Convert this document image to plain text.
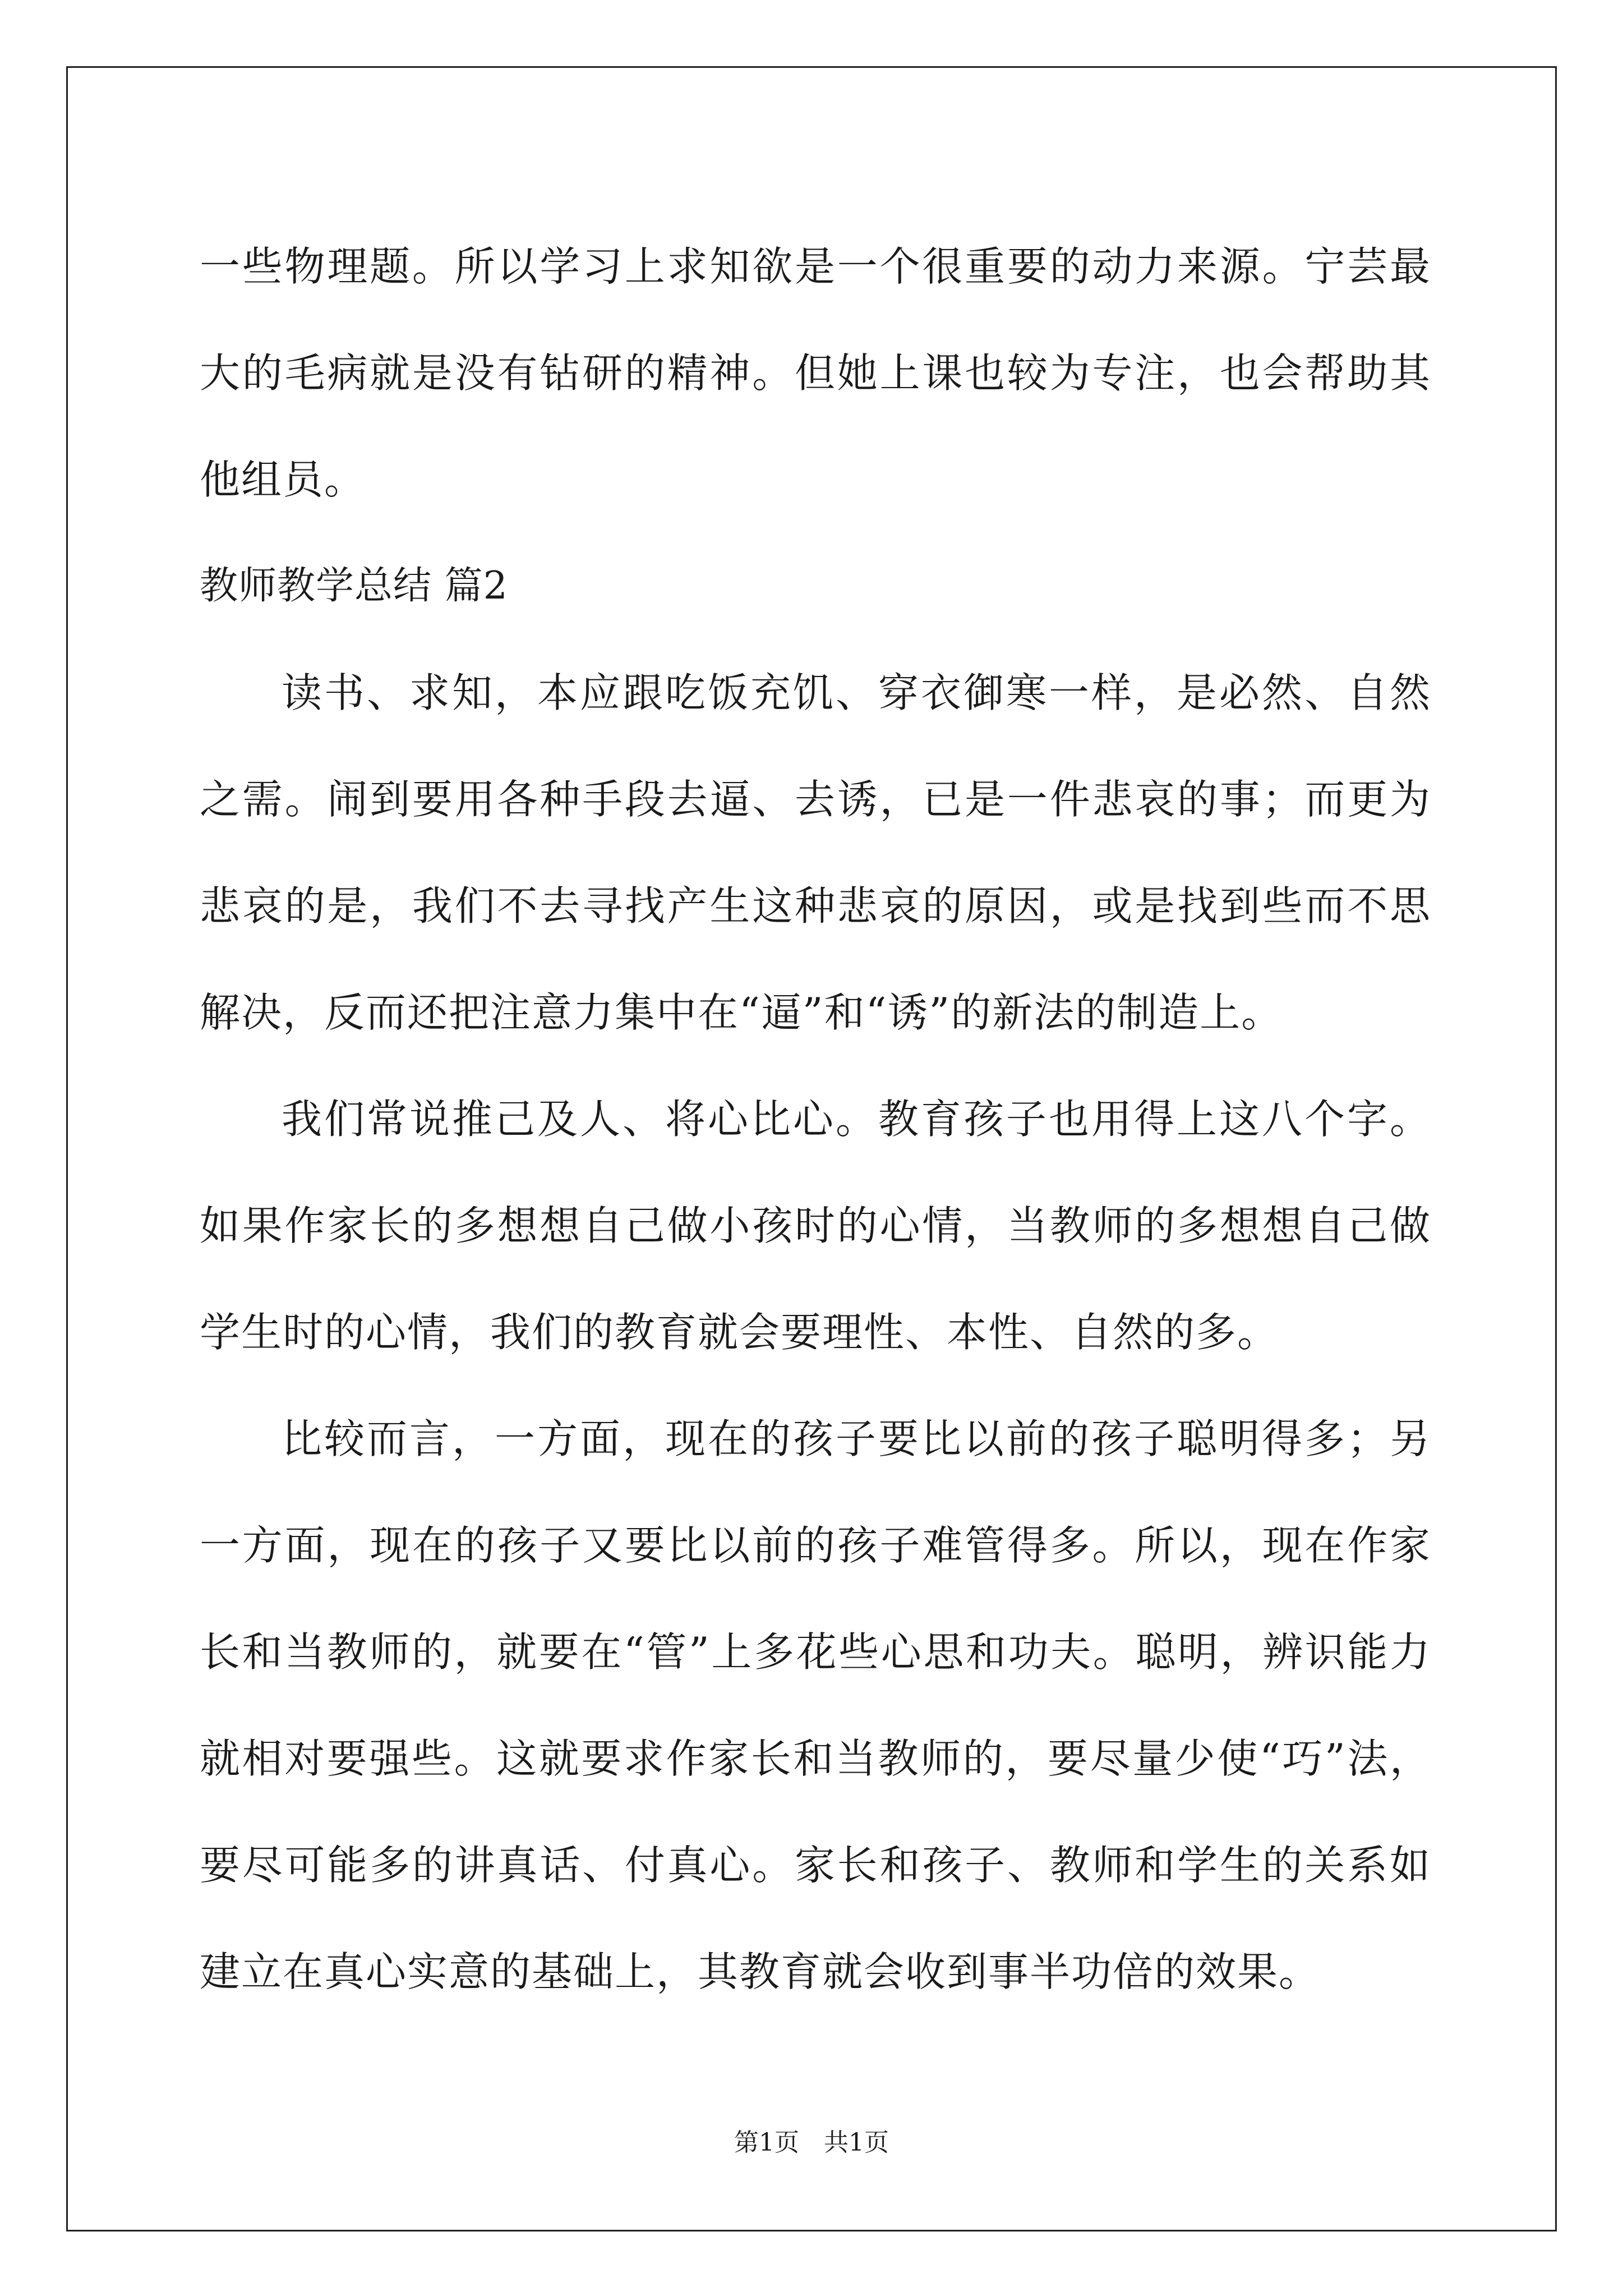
一些物理题。所以学习上求知欲是一个很重要的动力来源。宁芸最大的毛病就是没有钻研的精神。但她上课也较为专注，也会帮助其他组员。

教师教学总结 篇2

读书、求知，本应跟吃饭充饥、穿衣御寒一样，是必然、自然之需。闹到要用各种手段去逼、去诱，已是一件悲哀的事；而更为悲哀的是，我们不去寻找产生这种悲哀的原因，或是找到些而不思解决，反而还把注意力集中在“逼”和“诱”的新法的制造上。

我们常说推己及人、将心比心。教育孩子也用得上这八个字。如果作家长的多想想自己做小孩时的心情，当教师的多想想自己做学生时的心情，我们的教育就会要理性、本性、自然的多。

比较而言，一方面，现在的孩子要比以前的孩子聪明得多；另一方面，现在的孩子又要比以前的孩子难管得多。所以，现在作家长和当教师的，就要在“管”上多花些心思和功夫。聪明，辨识能力就相对要强些。这就要求作家长和当教师的，要尽量少使“巧”法，要尽可能多的讲真话、付真心。家长和孩子、教师和学生的关系如建立在真心实意的基础上，其教育就会收到事半功倍的效果。

第1页　共1页
